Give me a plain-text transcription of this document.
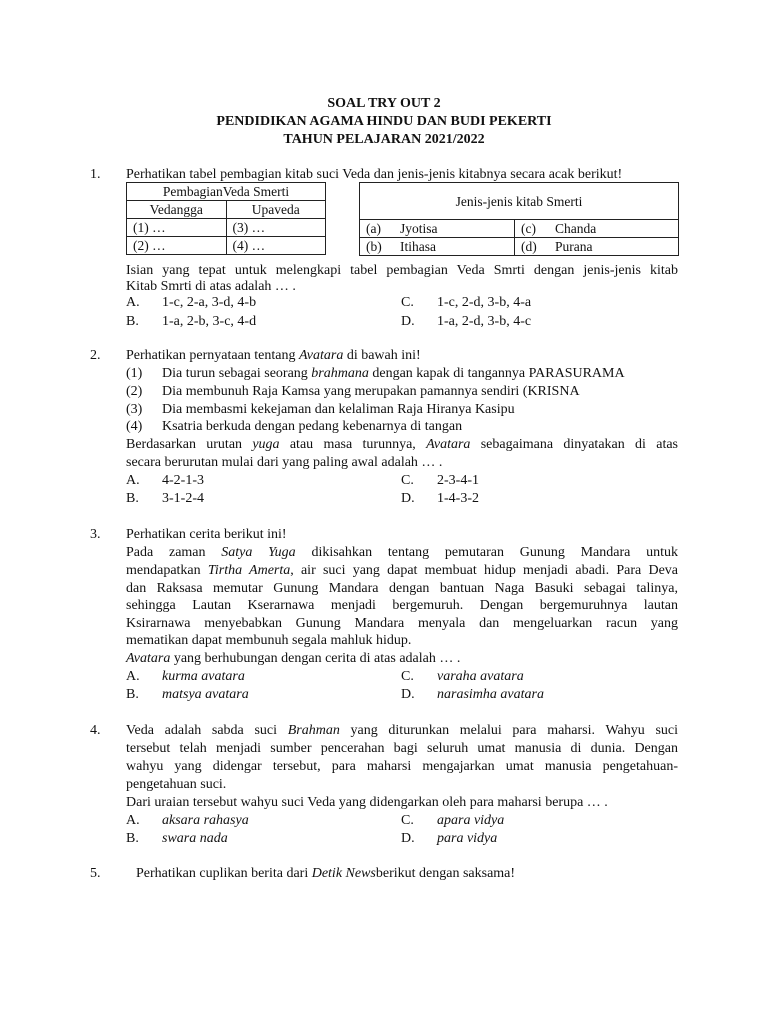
SOAL TRY OUT 2
PENDIDIKAN AGAMA HINDU DAN BUDI PEKERTI
TAHUN PELAJARAN 2021/2022
1. Perhatikan tabel pembagian kitab suci Veda dan jenis-jenis kitabnya secara acak berikut!
PembagianVeda Smerti	
Vedangga	Upaveda
(1) …	(3) …
(2) …	(4) …
Jenis-jenis kitab Smerti			
(a)	Jyotisa	(c)	Chanda
(b)	Itihasa	(d)	Purana
Isian yang tepat untuk melengkapi tabel pembagian Veda Smrti dengan jenis-jenis kitab
Kitab Smrti di atas adalah … .
A. 1-c, 2-a, 3-d, 4-b	C. 1-c, 2-d, 3-b, 4-a
B. 1-a, 2-b, 3-c, 4-d	D. 1-a, 2-d, 3-b, 4-c
2. Perhatikan pernyataan tentang Avatara di bawah ini!
(1) Dia turun sebagai seorang brahmana dengan kapak di tangannya PARASURAMA
(2) Dia membunuh Raja Kamsa yang merupakan pamannya sendiri (KRISNA
(3) Dia membasmi kekejaman dan kelaliman Raja Hiranya Kasipu
(4) Ksatria berkuda dengan pedang kebenarnya di tangan
Berdasarkan urutan yuga atau masa turunnya, Avatara sebagaimana dinyatakan di atas
secara berurutan mulai dari yang paling awal adalah … .
A. 4-2-1-3	C. 2-3-4-1
B. 3-1-2-4	D. 1-4-3-2
3. Perhatikan cerita berikut ini!
Pada zaman Satya Yuga dikisahkan tentang pemutaran Gunung Mandara untuk
mendapatkan Tirtha Amerta, air suci yang dapat membuat hidup menjadi abadi. Para Deva
dan Raksasa memutar Gunung Mandara dengan bantuan Naga Basuki sebagai talinya,
sehingga Lautan Kserarnawa menjadi bergemuruh. Dengan bergemuruhnya lautan
Ksirarnawa menyebabkan Gunung Mandara menyala dan mengeluarkan racun yang
mematikan dapat membunuh segala mahluk hidup.
Avatara yang berhubungan dengan cerita di atas adalah … .
A. kurma avatara	C. varaha avatara
B. matsya avatara	D. narasimha avatara
4. Veda adalah sabda suci Brahman yang diturunkan melalui para maharsi. Wahyu suci
tersebut telah menjadi sumber pencerahan bagi seluruh umat manusia di dunia. Dengan
wahyu yang didengar tersebut, para maharsi mengajarkan umat manusia pengetahuan-
pengetahuan suci.
Dari uraian tersebut wahyu suci Veda yang didengarkan oleh para maharsi berupa … .
A. aksara rahasya	C. apara vidya
B. swara nada	D. para vidya
5.	Perhatikan cuplikan berita dari Detik Newsberikut dengan saksama!
